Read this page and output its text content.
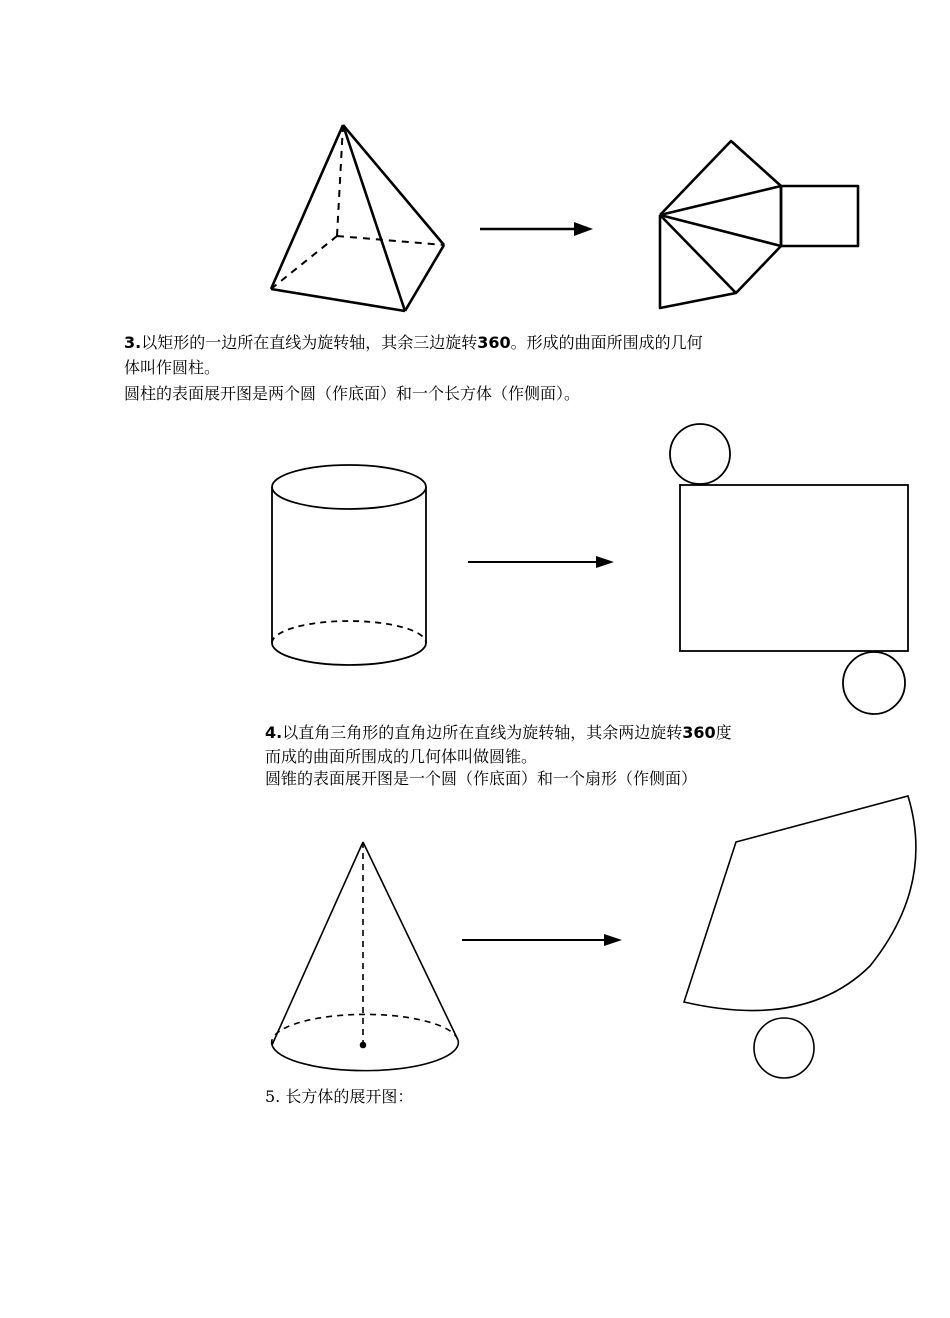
3.以矩形的一边所在直线为旋转轴，其余三边旋转360。形成的曲面所围成的几何
体叫作圆柱。
圆柱的表面展开图是两个圆（作底面）和一个长方体（作侧面）。
4.以直角三角形的直角边所在直线为旋转轴，其余两边旋转360度
而成的曲面所围成的几何体叫做圆锥。
圆锥的表面展开图是一个圆（作底面）和一个扇形（作侧面）
5. 长方体的展开图：
